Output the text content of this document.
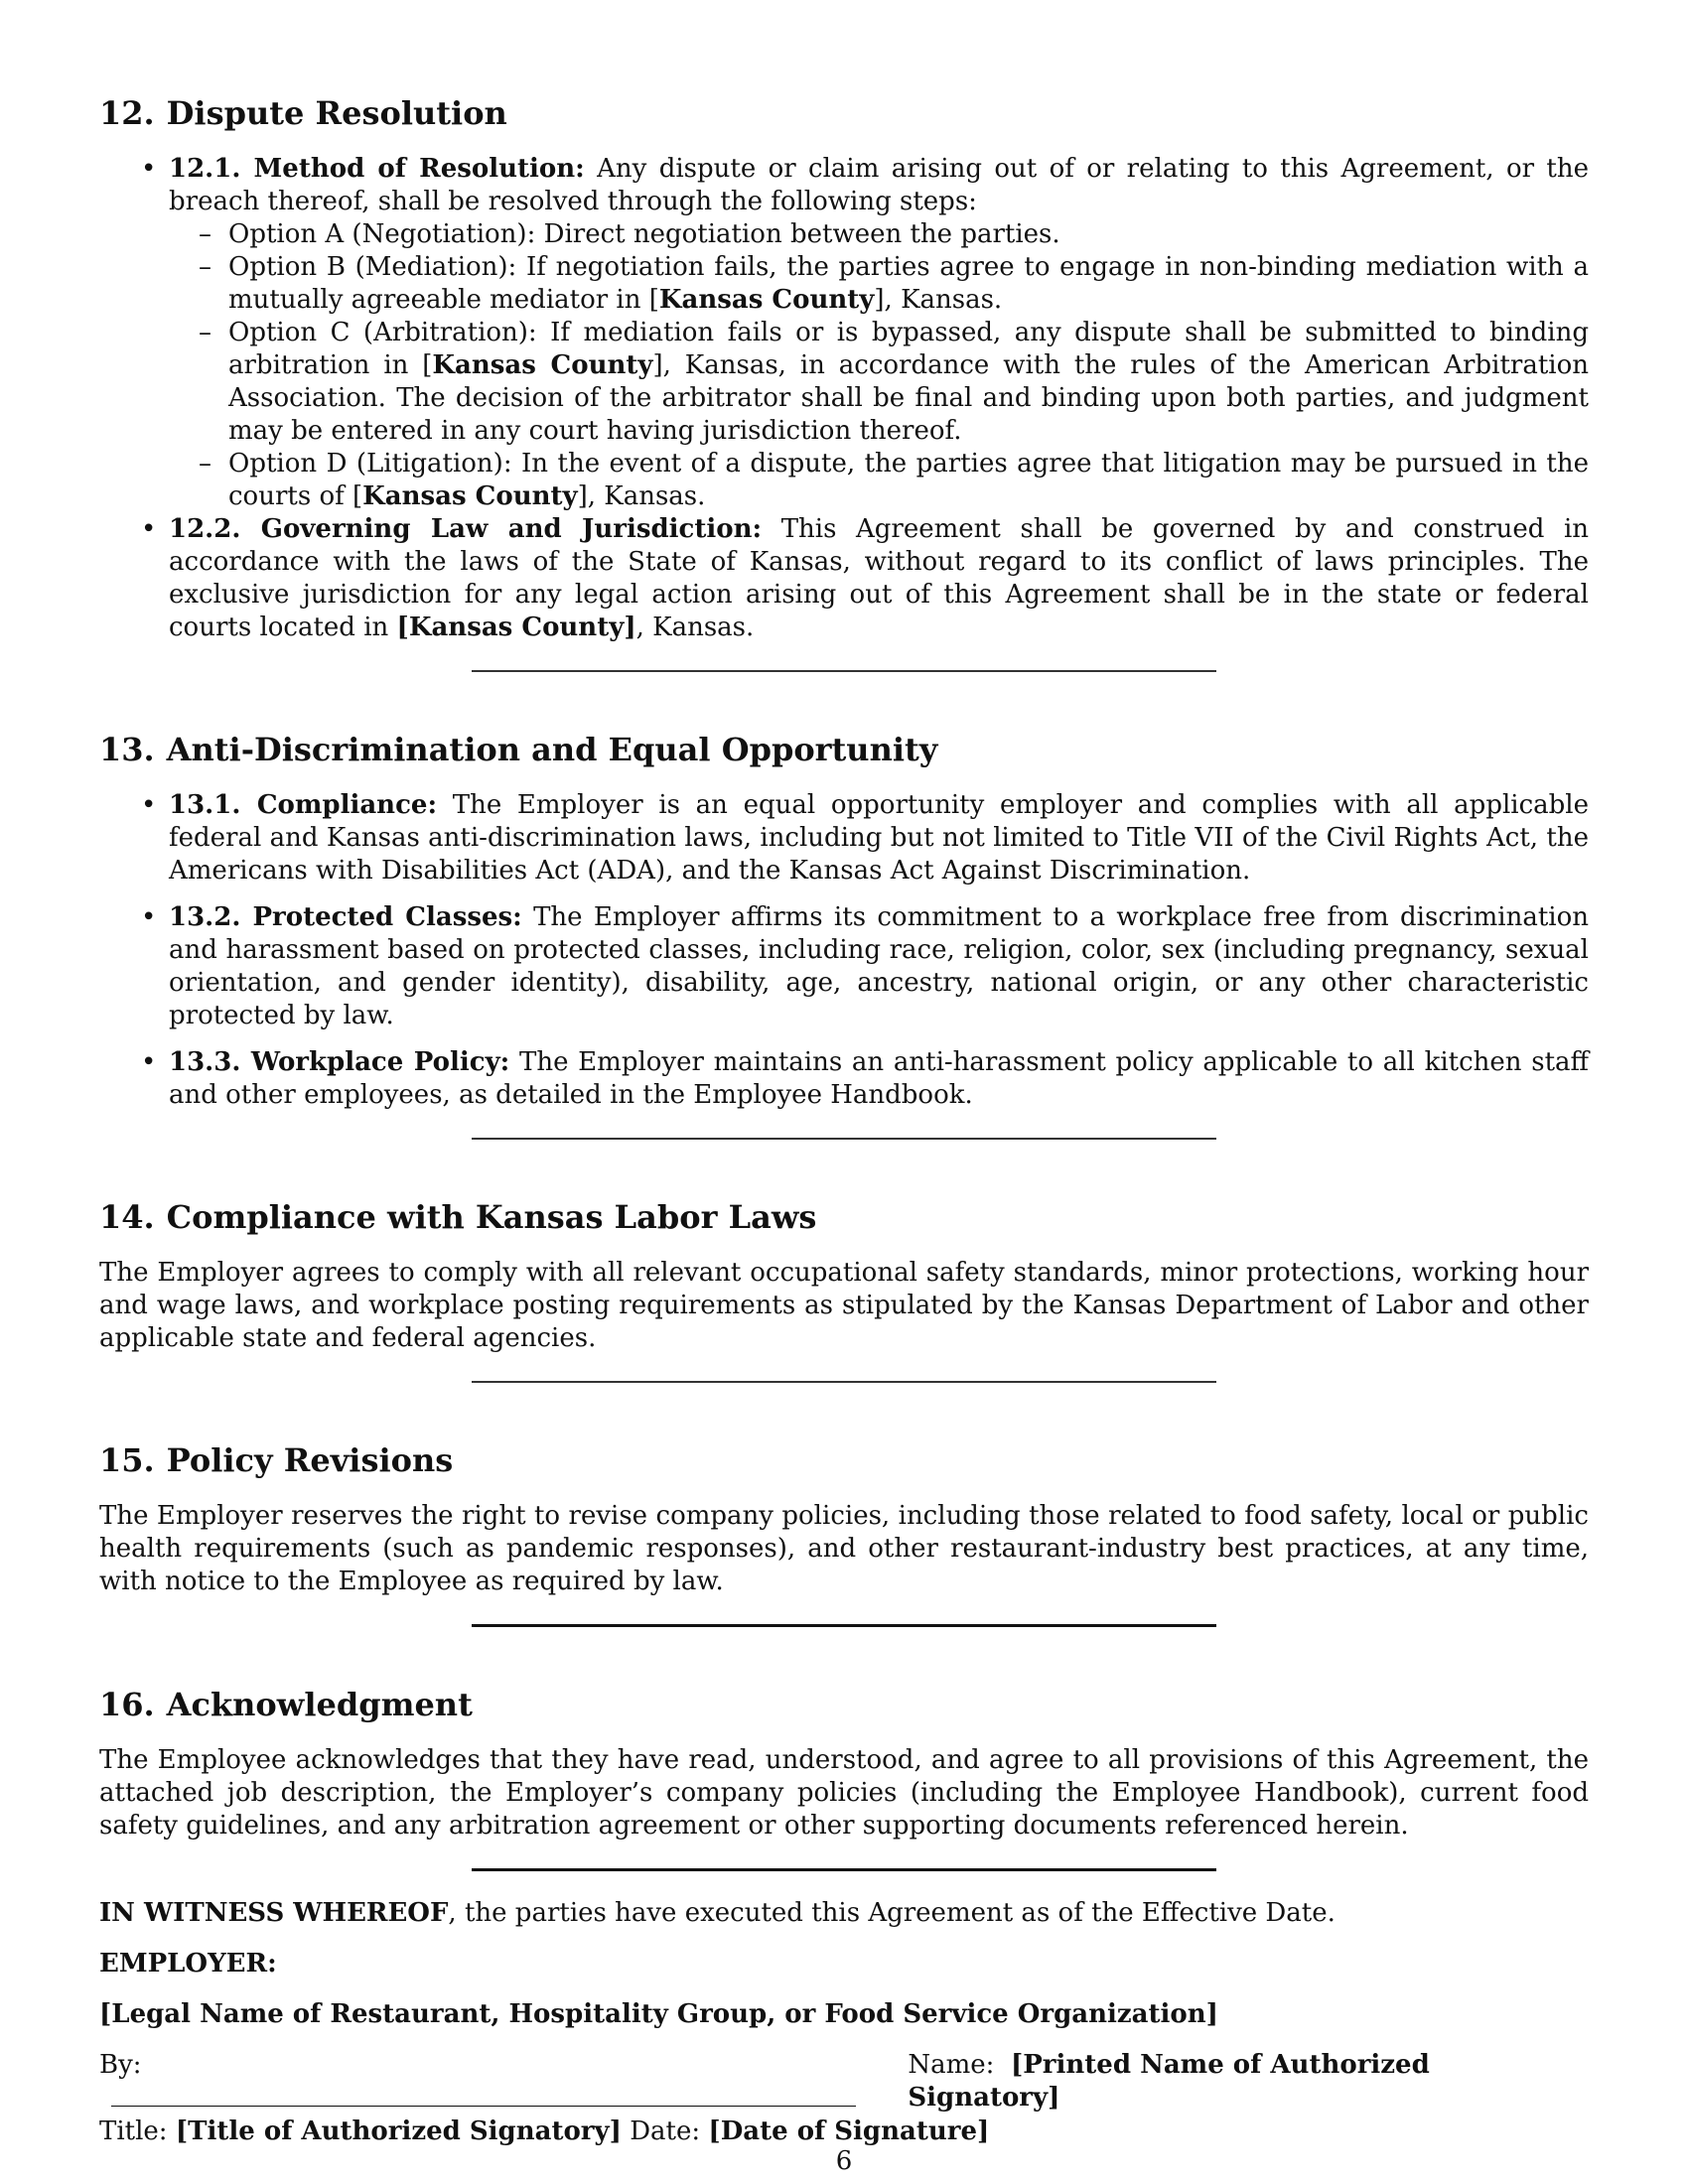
12. Dispute Resolution
• 12.1. Method of Resolution: Any dispute or claim arising out of or relating to this Agreement, or the breach thereof, shall be resolved through the following steps:
– Option A (Negotiation): Direct negotiation between the parties.
– Option B (Mediation): If negotiation fails, the parties agree to engage in non-binding mediation with a mutually agreeable mediator in [Kansas County], Kansas.
– Option C (Arbitration): If mediation fails or is bypassed, any dispute shall be submitted to binding arbitration in [Kansas County], Kansas, in accordance with the rules of the American Arbitration Association. The decision of the arbitrator shall be final and binding upon both parties, and judgment may be entered in any court having jurisdiction thereof.
– Option D (Litigation): In the event of a dispute, the parties agree that litigation may be pursued in the courts of [Kansas County], Kansas.
• 12.2. Governing Law and Jurisdiction: This Agreement shall be governed by and construed in accordance with the laws of the State of Kansas, without regard to its conflict of laws principles. The exclusive jurisdiction for any legal action arising out of this Agreement shall be in the state or federal courts located in [Kansas County], Kansas.
13. Anti-Discrimination and Equal Opportunity
• 13.1. Compliance: The Employer is an equal opportunity employer and complies with all applicable federal and Kansas anti-discrimination laws, including but not limited to Title VII of the Civil Rights Act, the Americans with Disabilities Act (ADA), and the Kansas Act Against Discrimination.
• 13.2. Protected Classes: The Employer affirms its commitment to a workplace free from discrimination and harassment based on protected classes, including race, religion, color, sex (including pregnancy, sexual orientation, and gender identity), disability, age, ancestry, national origin, or any other characteristic protected by law.
• 13.3. Workplace Policy: The Employer maintains an anti-harassment policy applicable to all kitchen staff and other employees, as detailed in the Employee Handbook.
14. Compliance with Kansas Labor Laws

The Employer agrees to comply with all relevant occupational safety standards, minor protections, working hour and wage laws, and workplace posting requirements as stipulated by the Kansas Department of Labor and other applicable state and federal agencies.

15. Policy Revisions

The Employer reserves the right to revise company policies, including those related to food safety, local or public health requirements (such as pandemic responses), and other restaurant-industry best practices, at any time, with notice to the Employee as required by law.

16. Acknowledgment

The Employee acknowledges that they have read, understood, and agree to all provisions of this Agreement, the attached job description, the Employer’s company policies (including the Employee Handbook), current food safety guidelines, and any arbitration agreement or other supporting documents referenced herein.

IN WITNESS WHEREOF, the parties have executed this Agreement as of the Effective Date.

EMPLOYER:

[Legal Name of Restaurant, Hospitality Group, or Food Service Organization]

By:	Name: [Printed Name of Authorized Signatory]
Title:
[Title of Authorized Signatory]
Date:
[Date of Signature]
6
